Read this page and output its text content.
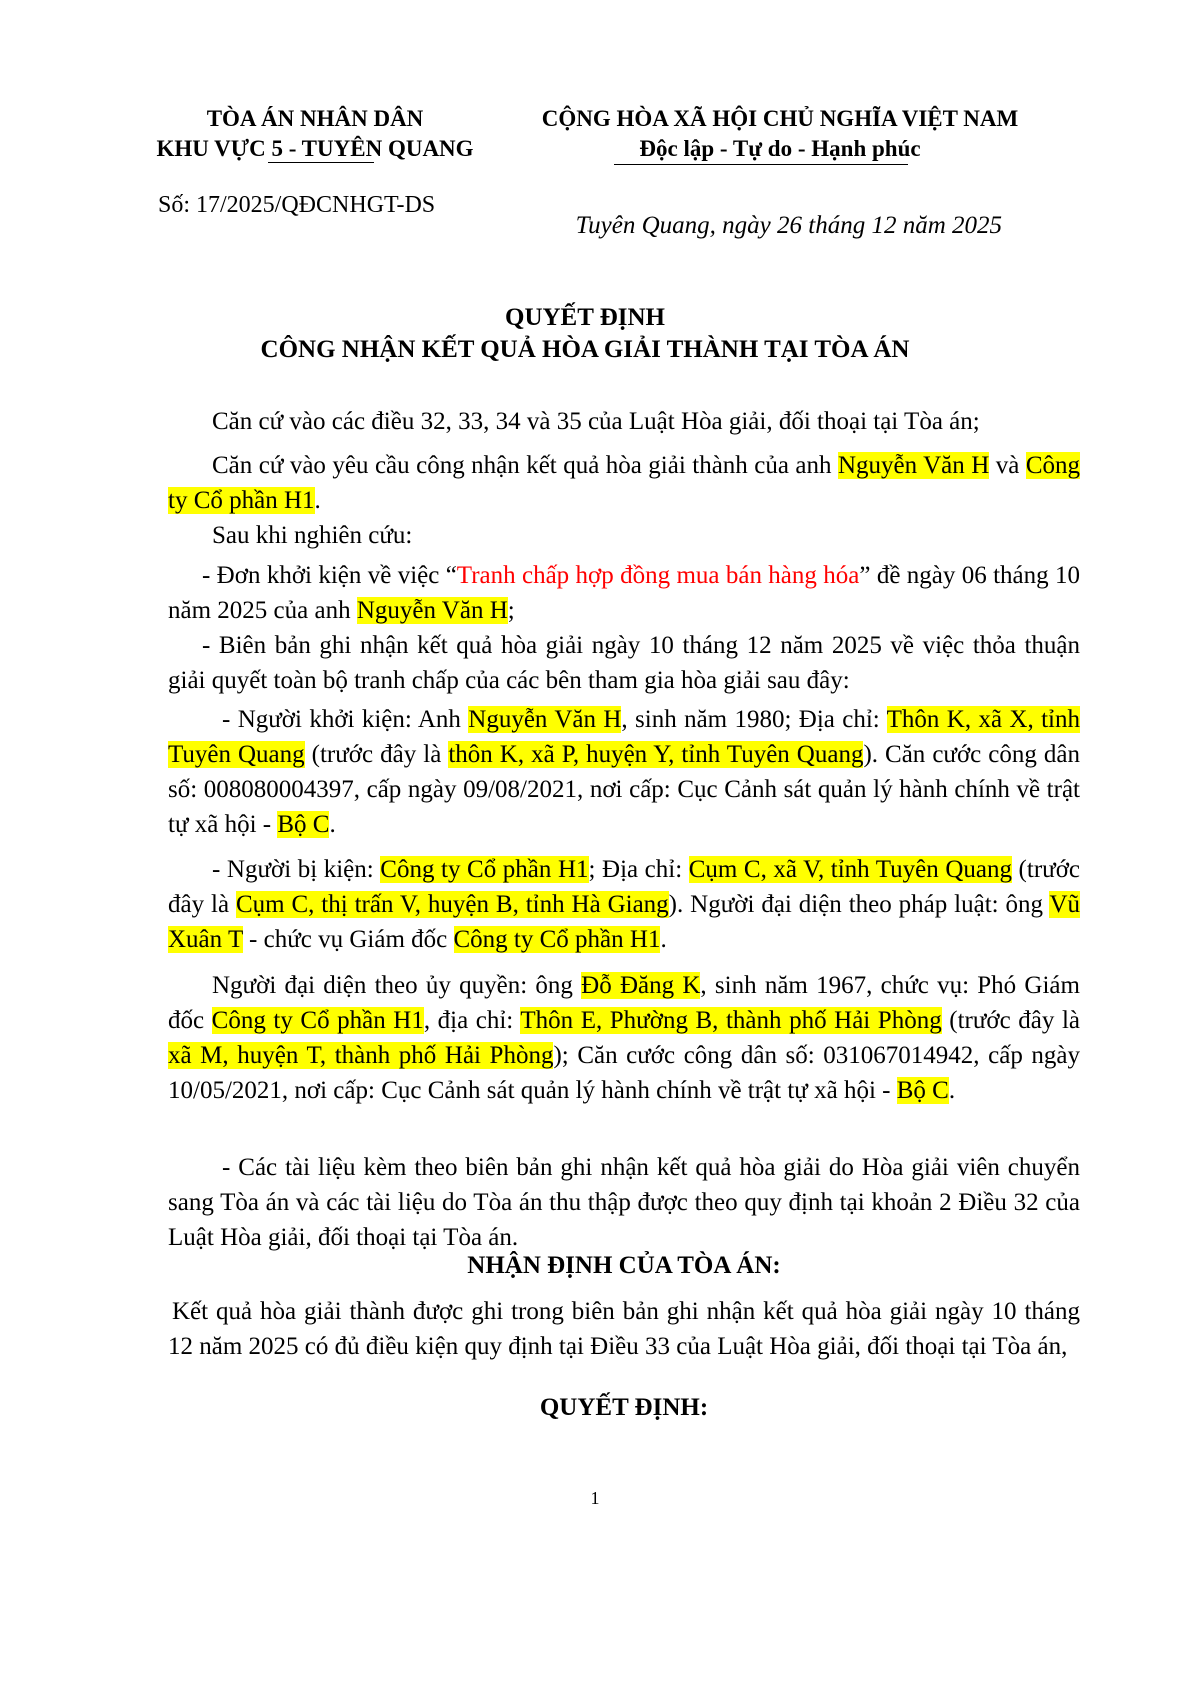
TÒA ÁN NHÂN DÂN
KHU VỰC 5 - TUYÊN QUANG
CỘNG HÒA XÃ HỘI CHỦ NGHĨA VIỆT NAM
Độc lập - Tự do - Hạnh phúc
Số: 17/2025/QĐCNHGT-DS
Tuyên Quang, ngày 26 tháng 12 năm 2025
QUYẾT ĐỊNH
CÔNG NHẬN KẾT QUẢ HÒA GIẢI THÀNH TẠI TÒA ÁN
Căn cứ vào các điều 32, 33, 34 và 35 của Luật Hòa giải, đối thoại tại Tòa án;
Căn cứ vào yêu cầu công nhận kết quả hòa giải thành của anh Nguyễn Văn H và Công ty Cổ phần H1.
Sau khi nghiên cứu:
- Đơn khởi kiện về việc “Tranh chấp hợp đồng mua bán hàng hóa” đề ngày 06 tháng 10 năm 2025 của anh Nguyễn Văn H;
- Biên bản ghi nhận kết quả hòa giải ngày 10 tháng 12 năm 2025 về việc thỏa thuận giải quyết toàn bộ tranh chấp của các bên tham gia hòa giải sau đây:
- Người khởi kiện: Anh Nguyễn Văn H, sinh năm 1980; Địa chỉ: Thôn K, xã X, tỉnh Tuyên Quang (trước đây là thôn K, xã P, huyện Y, tỉnh Tuyên Quang). Căn cước công dân số: 008080004397, cấp ngày 09/08/2021, nơi cấp: Cục Cảnh sát quản lý hành chính về trật tự xã hội - Bộ C.
- Người bị kiện: Công ty Cổ phần H1; Địa chỉ: Cụm C, xã V, tỉnh Tuyên Quang (trước đây là Cụm C, thị trấn V, huyện B, tỉnh Hà Giang). Người đại diện theo pháp luật: ông Vũ Xuân T - chức vụ Giám đốc Công ty Cổ phần H1.
Người đại diện theo ủy quyền: ông Đỗ Đăng K, sinh năm 1967, chức vụ: Phó Giám đốc Công ty Cổ phần H1, địa chỉ: Thôn E, Phường B, thành phố Hải Phòng (trước đây là xã M, huyện T, thành phố Hải Phòng); Căn cước công dân số: 031067014942, cấp ngày 10/05/2021, nơi cấp: Cục Cảnh sát quản lý hành chính về trật tự xã hội - Bộ C.
- Các tài liệu kèm theo biên bản ghi nhận kết quả hòa giải do Hòa giải viên chuyển sang Tòa án và các tài liệu do Tòa án thu thập được theo quy định tại khoản 2 Điều 32 của Luật Hòa giải, đối thoại tại Tòa án.
NHẬN ĐỊNH CỦA TÒA ÁN:
Kết quả hòa giải thành được ghi trong biên bản ghi nhận kết quả hòa giải ngày 10 tháng 12 năm 2025 có đủ điều kiện quy định tại Điều 33 của Luật Hòa giải, đối thoại tại Tòa án,
QUYẾT ĐỊNH:
1
